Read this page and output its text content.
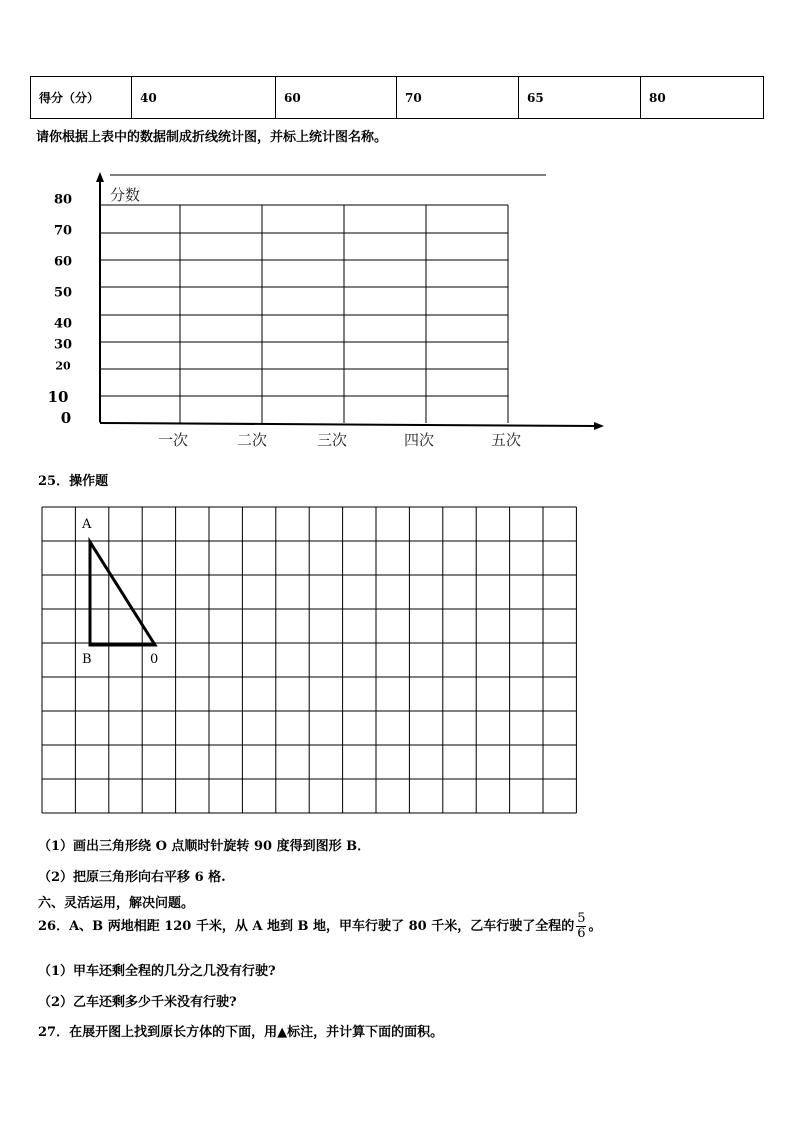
得分（分）	40	60	70	65	80
请你根据上表中的数据制成折线统计图，并标上统计图名称。
分数
80
70
60
50
40
30
20
10
0
一次	二次	三次	四次	五次
25．操作题
A
B	0
（1）画出三角形绕 O 点顺时针旋转 90 度得到图形 B．
（2）把原三角形向右平移 6 格.
六、灵活运用，解决问题。
26．A、B 两地相距 120 千米，从 A 地到 B 地，甲车行驶了 80 千米，乙车行驶了全程的 $\frac{5}{6}$ 。
（1）甲车还剩全程的几分之几没有行驶?
（2）乙车还剩多少千米没有行驶?
27．在展开图上找到原长方体的下面，用▲标注，并计算下面的面积。
